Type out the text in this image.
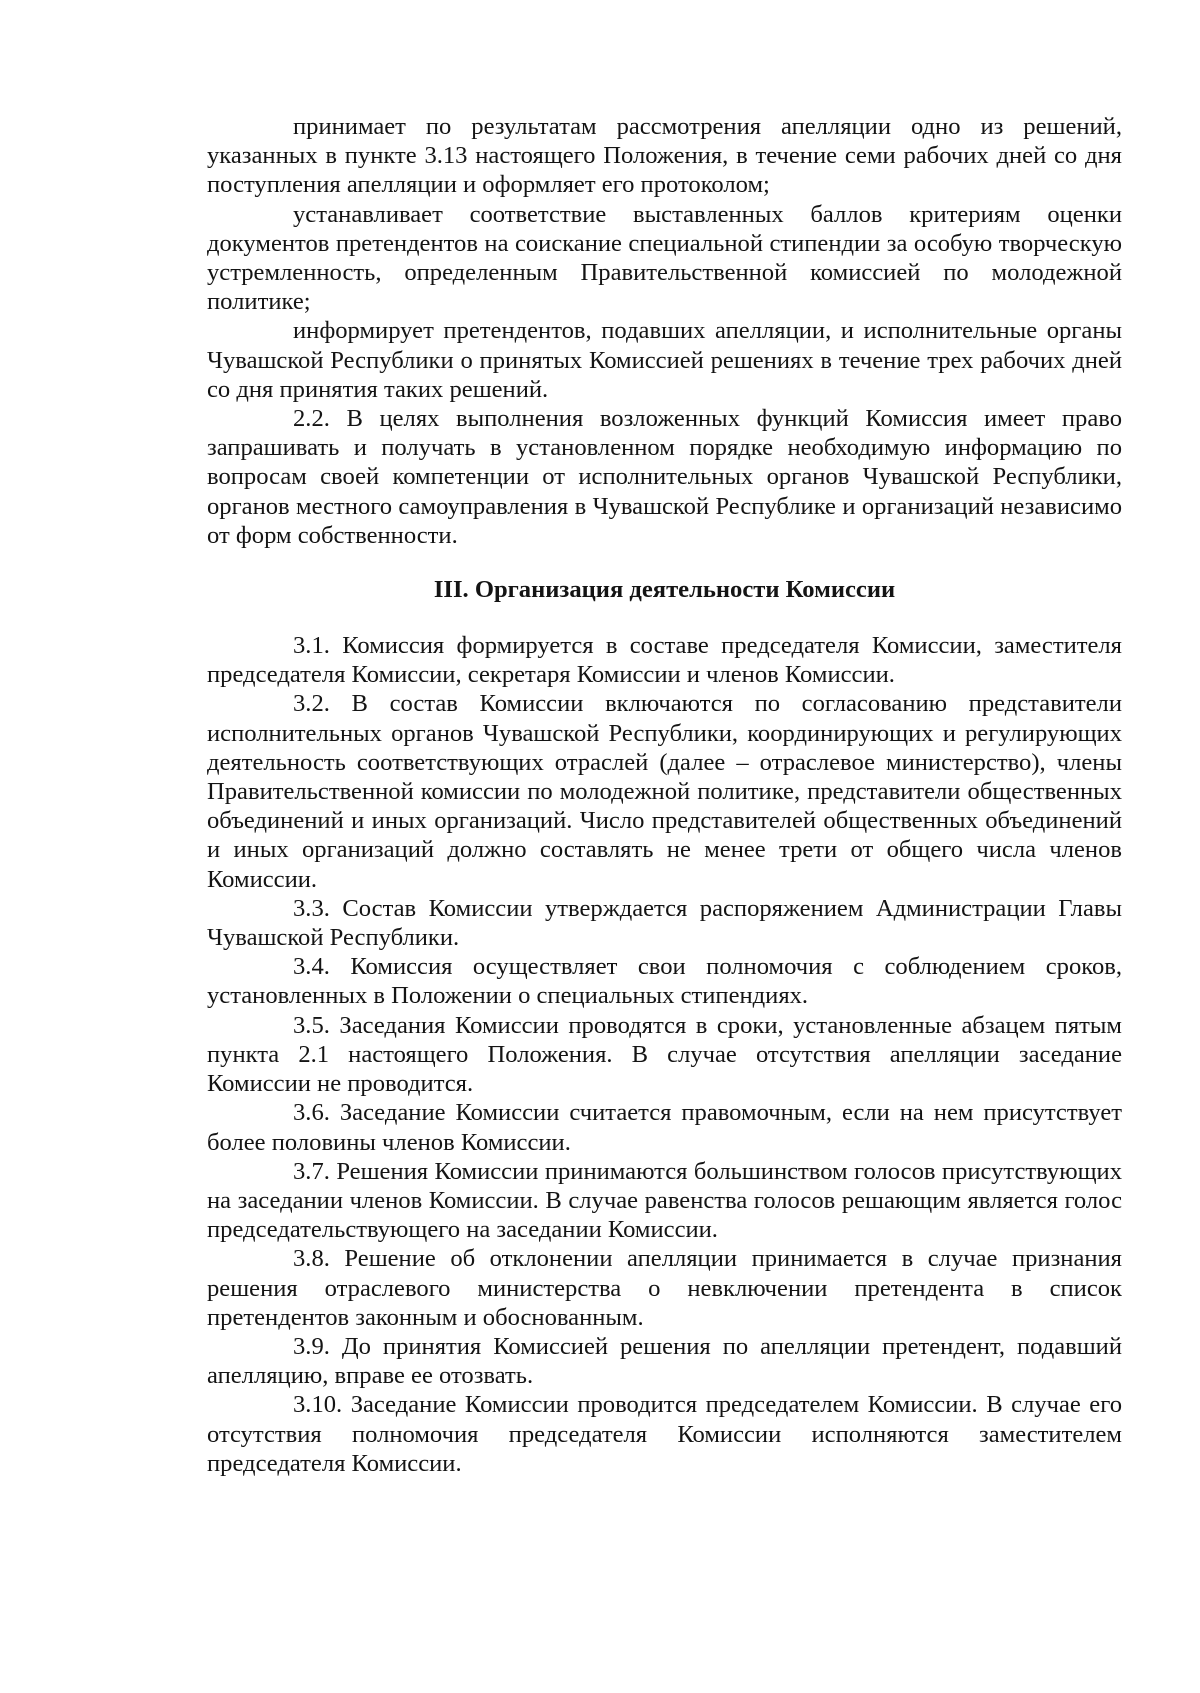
принимает по результатам рассмотрения апелляции одно из решений, указанных в пункте 3.13 настоящего Положения, в течение семи рабочих дней со дня поступления апелляции и оформляет его протоколом;

устанавливает соответствие выставленных баллов критериям оценки документов претендентов на соискание специальной стипендии за особую творческую устремленность, определенным Правительственной комиссией по молодежной политике;

информирует претендентов, подавших апелляции, и исполнительные органы Чувашской Республики о принятых Комиссией решениях в течение трех рабочих дней со дня принятия таких решений.

2.2. В целях выполнения возложенных функций Комиссия имеет право запрашивать и получать в установленном порядке необходимую информацию по вопросам своей компетенции от исполнительных органов Чувашской Республики, органов местного самоуправления в Чувашской Республике и организаций независимо от форм собственности.

III. Организация деятельности Комиссии

3.1. Комиссия формируется в составе председателя Комиссии, заместителя председателя Комиссии, секретаря Комиссии и членов Комиссии.

3.2. В состав Комиссии включаются по согласованию представители исполнительных органов Чувашской Республики, координирующих и регулирующих деятельность соответствующих отраслей (далее – отраслевое министерство), члены Правительственной комиссии по молодежной политике, представители общественных объединений и иных организаций. Число представителей общественных объединений и иных организаций должно составлять не менее трети от общего числа членов Комиссии.

3.3. Состав Комиссии утверждается распоряжением Администрации Главы Чувашской Республики.

3.4. Комиссия осуществляет свои полномочия с соблюдением сроков, установленных в Положении о специальных стипендиях.

3.5. Заседания Комиссии проводятся в сроки, установленные абзацем пятым пункта 2.1 настоящего Положения. В случае отсутствия апелляции заседание Комиссии не проводится.

3.6. Заседание Комиссии считается правомочным, если на нем присутствует более половины членов Комиссии.

3.7. Решения Комиссии принимаются большинством голосов присутствующих на заседании членов Комиссии. В случае равенства голосов решающим является голос председательствующего на заседании Комиссии.

3.8. Решение об отклонении апелляции принимается в случае признания решения отраслевого министерства о невключении претендента в список претендентов законным и обоснованным.

3.9. До принятия Комиссией решения по апелляции претендент, подавший апелляцию, вправе ее отозвать.

3.10. Заседание Комиссии проводится председателем Комиссии. В случае его отсутствия полномочия председателя Комиссии исполняются заместителем председателя Комиссии.
